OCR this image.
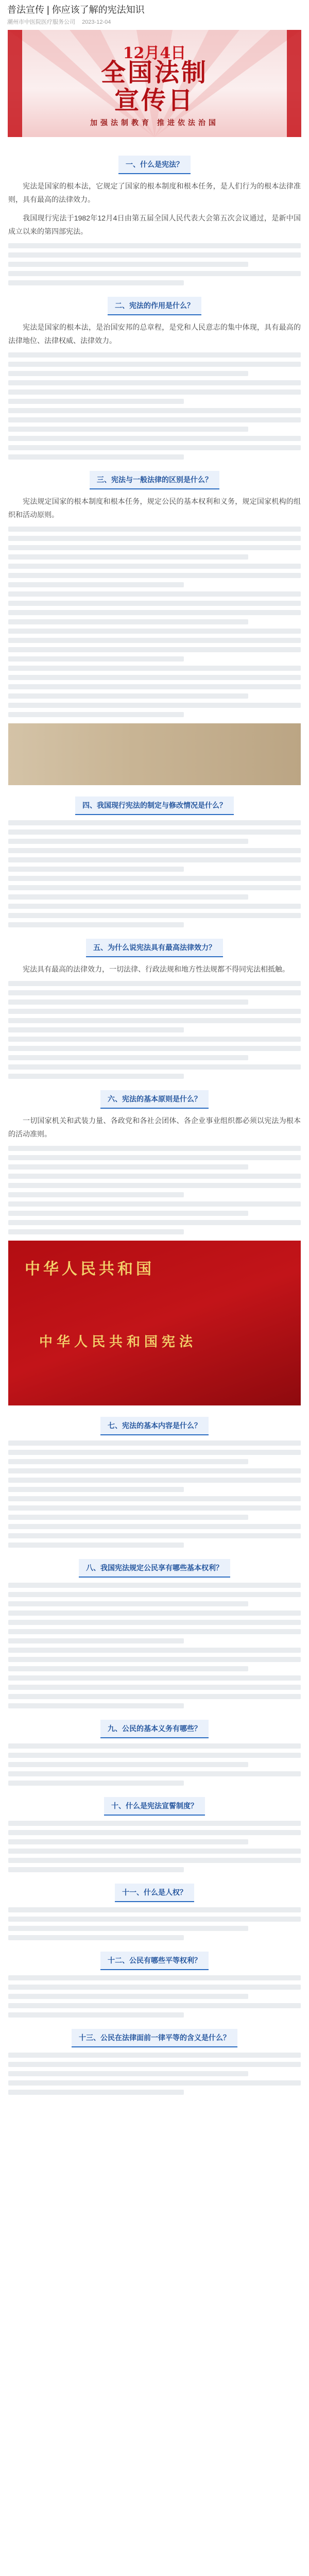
普法宣传 | 你应该了解的宪法知识
潮州市中医院医疗服务公司 2023-12-04
12月4日
全国法制
宣传日
加强法制教育 推进依法治国
一、什么是宪法？

宪法是国家的根本法，它规定了国家的根本制度和根本任务，是人们行为的根本法律准则，具有最高的法律效力。

我国现行宪法于1982年12月4日由第五届全国人民代表大会第五次会议通过，是新中国成立以来的第四部宪法。

二、宪法的作用是什么？

宪法是国家的根本法，是治国安邦的总章程，是党和人民意志的集中体现，具有最高的法律地位、法律权威、法律效力。

三、宪法与一般法律的区别是什么？

宪法规定国家的根本制度和根本任务，规定公民的基本权利和义务，规定国家机构的组织和活动原则。

四、我国现行宪法的制定与修改情况是什么？
五、为什么说宪法具有最高法律效力？

宪法具有最高的法律效力，一切法律、行政法规和地方性法规都不得同宪法相抵触。

六、宪法的基本原则是什么？

一切国家机关和武装力量、各政党和各社会团体、各企业事业组织都必须以宪法为根本的活动准则。

中华人民共和国
中华人民共和国宪法
七、宪法的基本内容是什么？
八、我国宪法规定公民享有哪些基本权利？
九、公民的基本义务有哪些？
十、什么是宪法宣誓制度？
十一、什么是人权？
十二、公民有哪些平等权利？
十三、公民在法律面前一律平等的含义是什么？
